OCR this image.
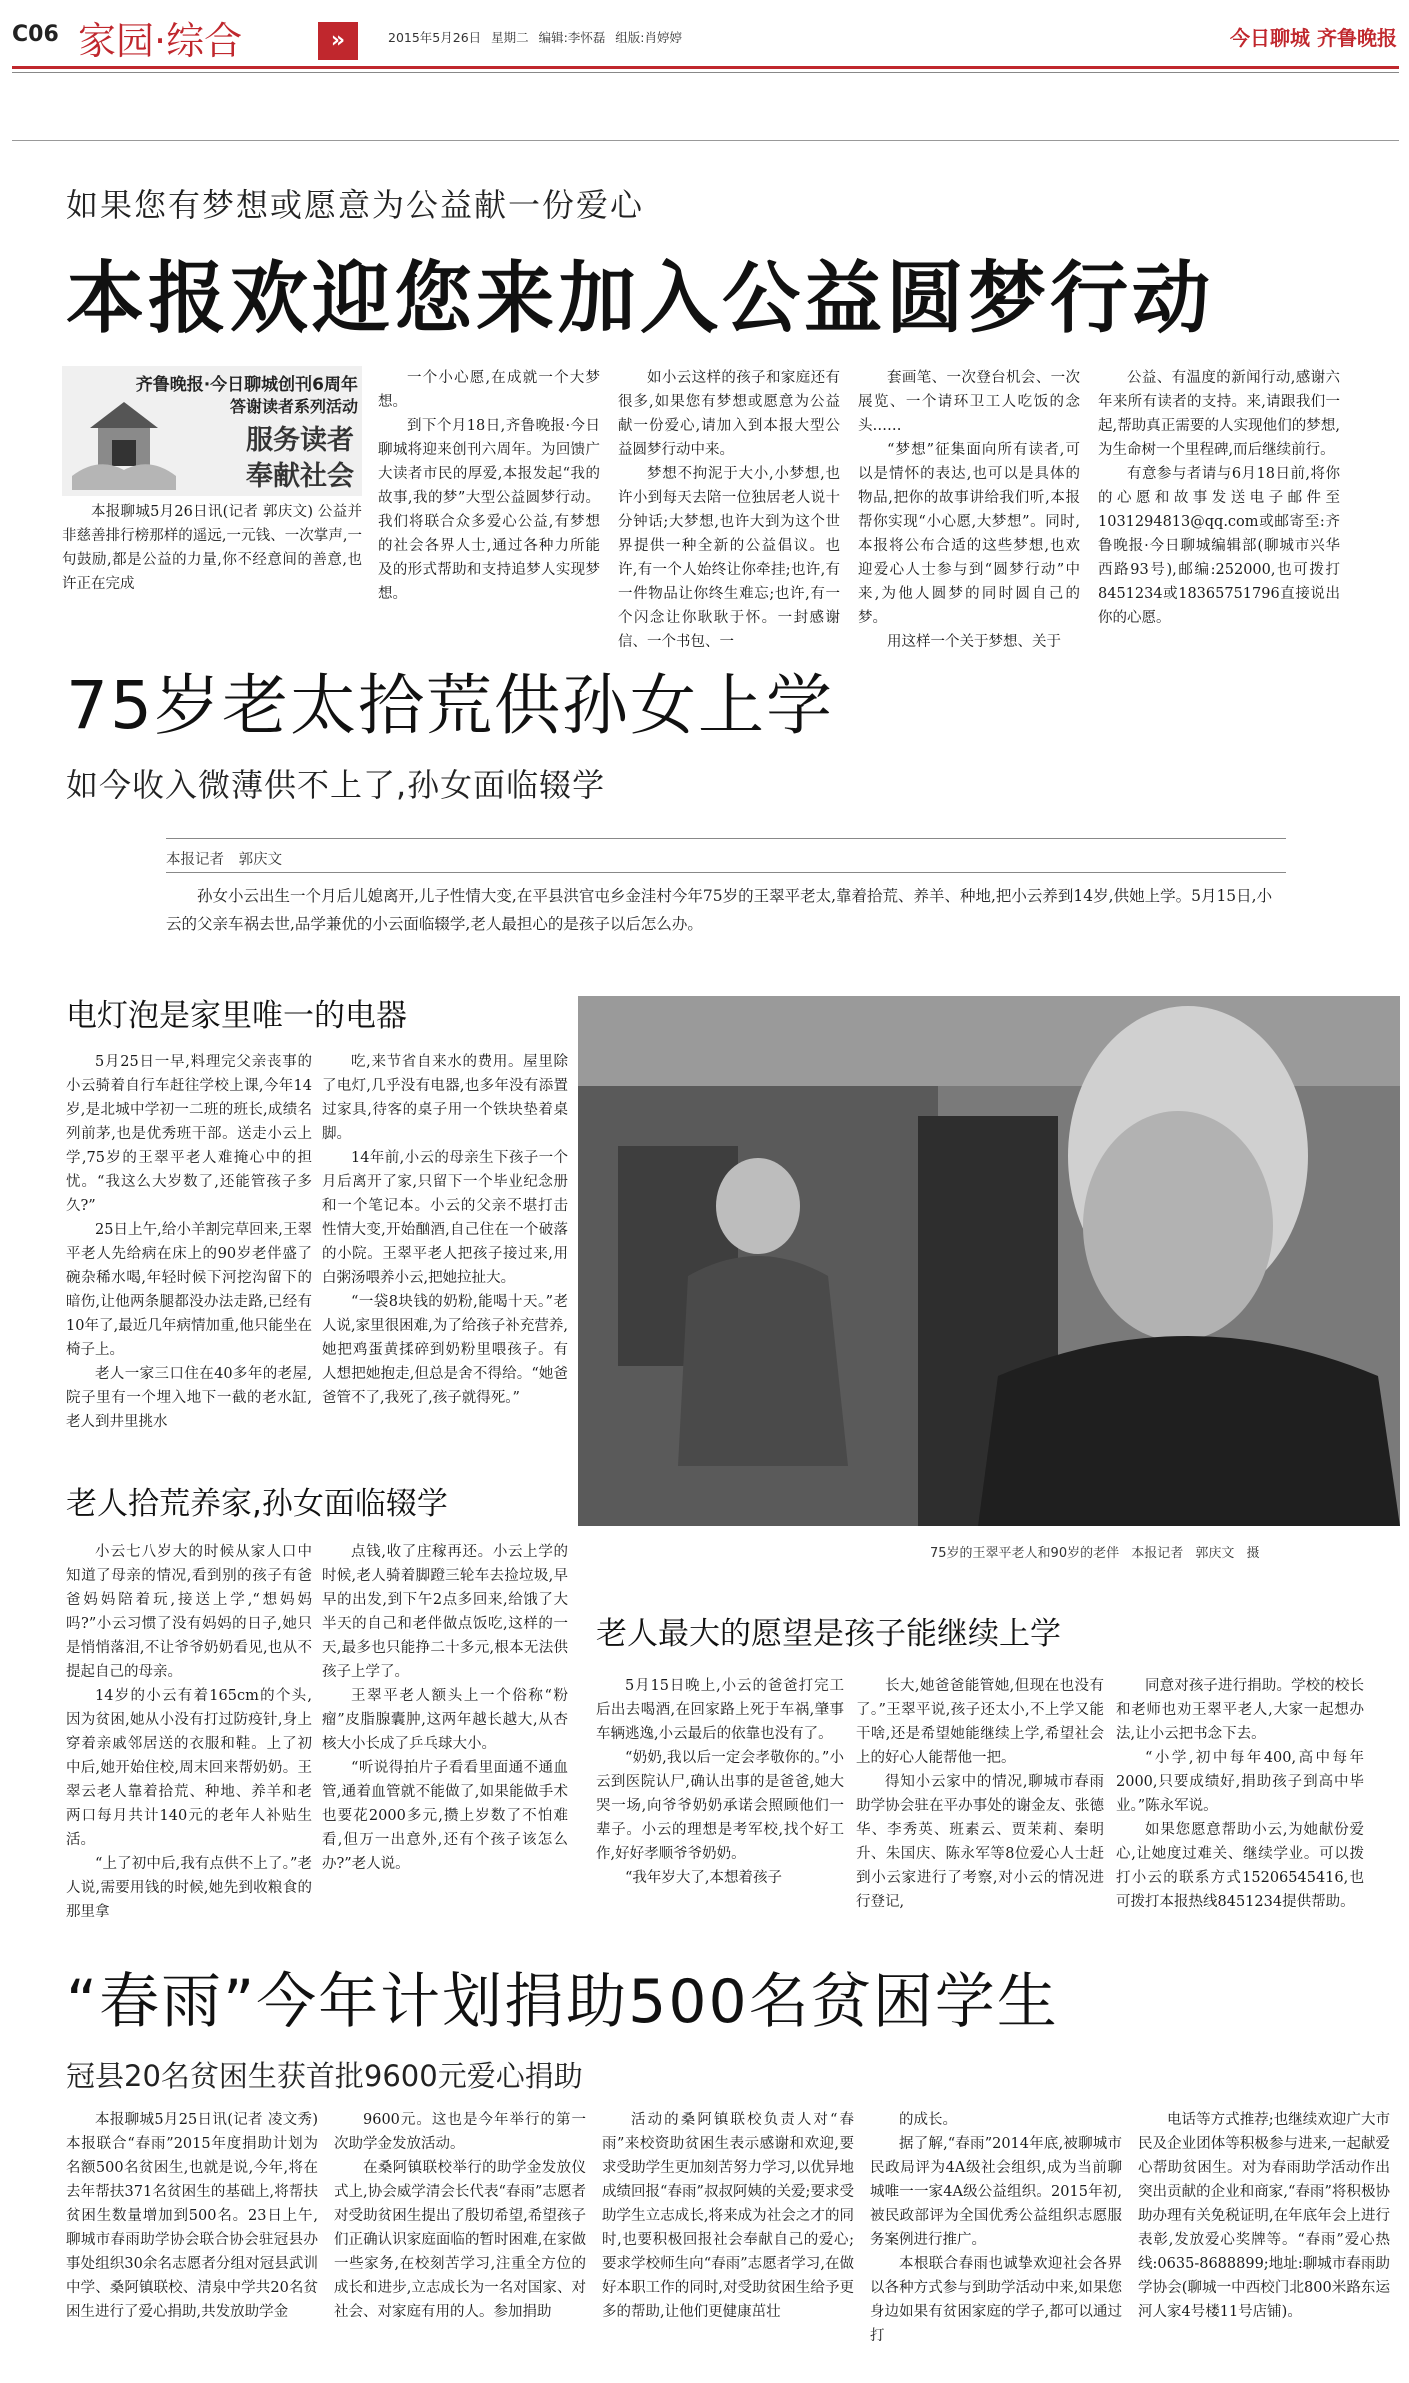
C06 家园·综合	»	2015年5月26日 星期二 编辑:李怀磊 组版:肖婷婷	今日聊城 齐鲁晚报
如果您有梦想或愿意为公益献一份爱心
本报欢迎您来加入公益圆梦行动
齐鲁晚报·今日聊城创刊6周年
答谢读者系列活动
服务读者
奉献社会

本报聊城5月26日讯(记者 郭庆文) 公益并非慈善排行榜那样的遥远,一元钱、一次掌声,一句鼓励,都是公益的力量,你不经意间的善意,也许正在完成

一个小心愿,在成就一个大梦想。

到下个月18日,齐鲁晚报·今日聊城将迎来创刊六周年。为回馈广大读者市民的厚爱,本报发起“我的故事,我的梦”大型公益圆梦行动。我们将联合众多爱心公益,有梦想的社会各界人士,通过各种力所能及的形式帮助和支持追梦人实现梦想。

如小云这样的孩子和家庭还有很多,如果您有梦想或愿意为公益献一份爱心,请加入到本报大型公益圆梦行动中来。

梦想不拘泥于大小,小梦想,也许小到每天去陪一位独居老人说十分钟话;大梦想,也许大到为这个世界提供一种全新的公益倡议。也许,有一个人始终让你牵挂;也许,有一件物品让你终生难忘;也许,有一个闪念让你耿耿于怀。一封感谢信、一个书包、一

套画笔、一次登台机会、一次展览、一个请环卫工人吃饭的念头……

“梦想”征集面向所有读者,可以是情怀的表达,也可以是具体的物品,把你的故事讲给我们听,本报帮你实现“小心愿,大梦想”。同时,本报将公布合适的这些梦想,也欢迎爱心人士参与到“圆梦行动”中来,为他人圆梦的同时圆自己的梦。

用这样一个关于梦想、关于

公益、有温度的新闻行动,感谢六年来所有读者的支持。来,请跟我们一起,帮助真正需要的人实现他们的梦想,为生命树一个里程碑,而后继续前行。

有意参与者请与6月18日前,将你的心愿和故事发送电子邮件至1031294813@qq.com或邮寄至:齐鲁晚报·今日聊城编辑部(聊城市兴华西路93号),邮编:252000,也可拨打8451234或18365751796直接说出你的心愿。

75岁老太拾荒供孙女上学
如今收入微薄供不上了,孙女面临辍学
本报记者 郭庆文
孙女小云出生一个月后儿媳离开,儿子性情大变,在平县洪官屯乡金洼村今年75岁的王翠平老太,靠着拾荒、养羊、种地,把小云养到14岁,供她上学。5月15日,小云的父亲车祸去世,品学兼优的小云面临辍学,老人最担心的是孩子以后怎么办。
电灯泡是家里唯一的电器

5月25日一早,料理完父亲丧事的小云骑着自行车赶往学校上课,今年14岁,是北城中学初一二班的班长,成绩名列前茅,也是优秀班干部。送走小云上学,75岁的王翠平老人难掩心中的担忧。“我这么大岁数了,还能管孩子多久?”

25日上午,给小羊割完草回来,王翠平老人先给病在床上的90岁老伴盛了碗杂稀水喝,年轻时候下河挖沟留下的暗伤,让他两条腿都没办法走路,已经有10年了,最近几年病情加重,他只能坐在椅子上。

老人一家三口住在40多年的老屋,院子里有一个埋入地下一截的老水缸,老人到井里挑水

吃,来节省自来水的费用。屋里除了电灯,几乎没有电器,也多年没有添置过家具,待客的桌子用一个铁块垫着桌脚。

14年前,小云的母亲生下孩子一个月后离开了家,只留下一个毕业纪念册和一个笔记本。小云的父亲不堪打击性情大变,开始酗酒,自己住在一个破落的小院。王翠平老人把孩子接过来,用白粥汤喂养小云,把她拉扯大。

“一袋8块钱的奶粉,能喝十天。”老人说,家里很困难,为了给孩子补充营养,她把鸡蛋黄揉碎到奶粉里喂孩子。有人想把她抱走,但总是舍不得给。“她爸爸管不了,我死了,孩子就得死。”

75岁的王翠平老人和90岁的老伴 本报记者 郭庆文 摄
老人拾荒养家,孙女面临辍学

小云七八岁大的时候从家人口中知道了母亲的情况,看到别的孩子有爸爸妈妈陪着玩,接送上学,“想妈妈吗?”小云习惯了没有妈妈的日子,她只是悄悄落泪,不让爷爷奶奶看见,也从不提起自己的母亲。

14岁的小云有着165cm的个头,因为贫困,她从小没有打过防疫针,身上穿着亲戚邻居送的衣服和鞋。上了初中后,她开始住校,周末回来帮奶奶。王翠云老人靠着拾荒、种地、养羊和老两口每月共计140元的老年人补贴生活。

“上了初中后,我有点供不上了。”老人说,需要用钱的时候,她先到收粮食的那里拿

点钱,收了庄稼再还。小云上学的时候,老人骑着脚蹬三轮车去捡垃圾,早早的出发,到下午2点多回来,给饿了大半天的自己和老伴做点饭吃,这样的一天,最多也只能挣二十多元,根本无法供孩子上学了。

王翠平老人额头上一个俗称“粉瘤”皮脂腺囊肿,这两年越长越大,从杏核大小长成了乒乓球大小。

“听说得拍片子看看里面通不通血管,通着血管就不能做了,如果能做手术也要花2000多元,攒上岁数了不怕难看,但万一出意外,还有个孩子该怎么办?”老人说。

老人最大的愿望是孩子能继续上学

5月15日晚上,小云的爸爸打完工后出去喝酒,在回家路上死于车祸,肇事车辆逃逸,小云最后的依靠也没有了。

“奶奶,我以后一定会孝敬你的。”小云到医院认尸,确认出事的是爸爸,她大哭一场,向爷爷奶奶承诺会照顾他们一辈子。小云的理想是考军校,找个好工作,好好孝顺爷爷奶奶。

“我年岁大了,本想着孩子

长大,她爸爸能管她,但现在也没有了。”王翠平说,孩子还太小,不上学又能干啥,还是希望她能继续上学,希望社会上的好心人能帮他一把。

得知小云家中的情况,聊城市春雨助学协会驻在平办事处的谢金友、张德华、李秀英、班素云、贾茉莉、秦明升、朱国庆、陈永军等8位爱心人士赶到小云家进行了考察,对小云的情况进行登记,

同意对孩子进行捐助。学校的校长和老师也劝王翠平老人,大家一起想办法,让小云把书念下去。

“小学,初中每年400,高中每年2000,只要成绩好,捐助孩子到高中毕业。”陈永军说。

如果您愿意帮助小云,为她献份爱心,让她度过难关、继续学业。可以拨打小云的联系方式15206545416,也可拨打本报热线8451234提供帮助。

“春雨”今年计划捐助500名贫困学生
冠县20名贫困生获首批9600元爱心捐助

本报聊城5月25日讯(记者 凌文秀) 本报联合“春雨”2015年度捐助计划为名额500名贫困生,也就是说,今年,将在去年帮扶371名贫困生的基础上,将帮扶贫困生数量增加到500名。23日上午,聊城市春雨助学协会联合协会驻冠县办事处组织30余名志愿者分组对冠县武训中学、桑阿镇联校、清泉中学共20名贫困生进行了爱心捐助,共发放助学金

9600元。这也是今年举行的第一次助学金发放活动。

在桑阿镇联校举行的助学金发放仪式上,协会威学清会长代表“春雨”志愿者对受助贫困生提出了殷切希望,希望孩子们正确认识家庭面临的暂时困难,在家做一些家务,在校刻苦学习,注重全方位的成长和进步,立志成长为一名对国家、对社会、对家庭有用的人。参加捐助

活动的桑阿镇联校负责人对“春雨”来校资助贫困生表示感谢和欢迎,要求受助学生更加刻苦努力学习,以优异地成绩回报“春雨”叔叔阿姨的关爱;要求受助学生立志成长,将来成为社会之才的同时,也要积极回报社会奉献自己的爱心;要求学校师生向“春雨”志愿者学习,在做好本职工作的同时,对受助贫困生给予更多的帮助,让他们更健康茁壮

的成长。

据了解,“春雨”2014年底,被聊城市民政局评为4A级社会组织,成为当前聊城唯一一家4A级公益组织。2015年初,被民政部评为全国优秀公益组织志愿服务案例进行推广。

本根联合春雨也诚挚欢迎社会各界以各种方式参与到助学活动中来,如果您身边如果有贫困家庭的学子,都可以通过打

电话等方式推荐;也继续欢迎广大市民及企业团体等积极参与进来,一起献爱心帮助贫困生。对为春雨助学活动作出突出贡献的企业和商家,“春雨”将积极协助办理有关免税证明,在年底年会上进行表彰,发放爱心奖牌等。“春雨”爱心热线:0635-8688899;地址:聊城市春雨助学协会(聊城一中西校门北800米路东运河人家4号楼11号店铺)。
